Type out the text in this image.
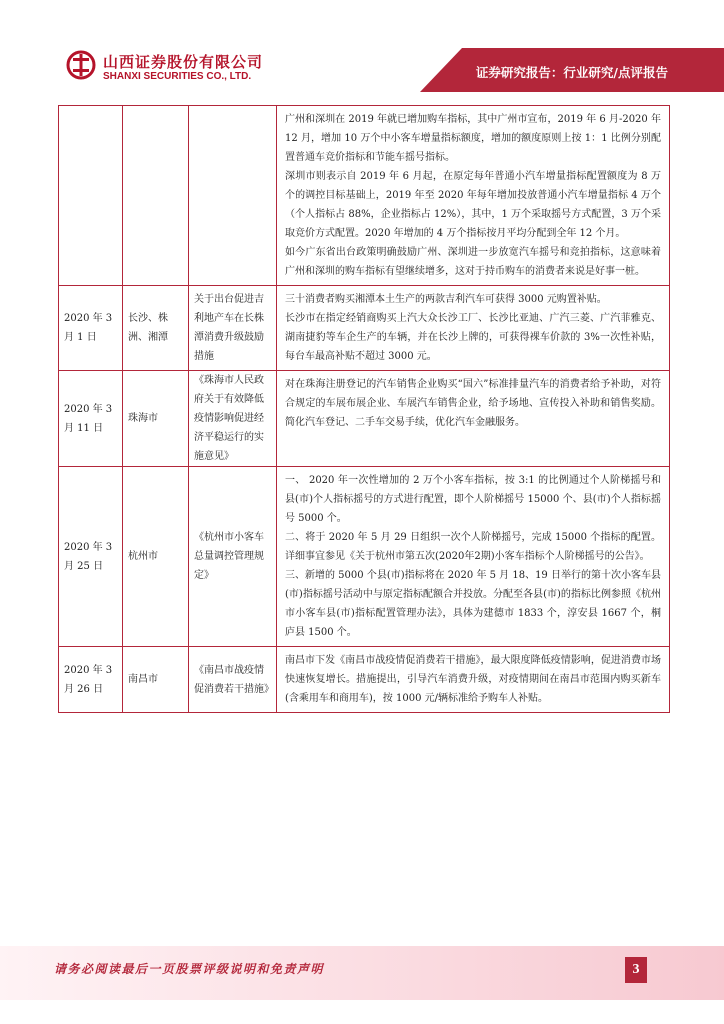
山西证券股份有限公司
SHANXI SECURITIES CO., LTD.	证券研究报告：行业研究/点评报告

			广州和深圳在 2019 年就已增加购车指标，其中广州市宣布，2019 年 6 月-2020 年 12 月，增加 10 万个中小客车增量指标额度，增加的额度原则上按 1：1 比例分别配置普通车竞价指标和节能车摇号指标。

深圳市则表示自 2019 年 6 月起，在原定每年普通小汽车增量指标配置额度为 8 万个的调控目标基础上，2019 年至 2020 年每年增加投放普通小汽车增量指标 4 万个（个人指标占 88%，企业指标占 12%），其中，1 万个采取摇号方式配置，3 万个采取竞价方式配置。2020 年增加的 4 万个指标按月平均分配到全年 12 个月。

如今广东省出台政策明确鼓励广州、深圳进一步放宽汽车摇号和竞拍指标，这意味着广州和深圳的购车指标有望继续增多，这对于持币购车的消费者来说是好事一桩。

2020 年 3 月 1 日	长沙、株洲、湘潭	关于出台促进吉利地产车在长株潭消费升级鼓励措施	三十消费者购买湘潭本土生产的两款吉利汽车可获得 3000 元购置补贴。

长沙市在指定经销商购买上汽大众长沙工厂、长沙比亚迪、广汽三菱、广汽菲雅克、湖南捷豹等车企生产的车辆，并在长沙上牌的，可获得裸车价款的 3%一次性补贴，每台车最高补贴不超过 3000 元。

2020 年 3 月 11 日	珠海市	《珠海市人民政府关于有效降低疫情影响促进经济平稳运行的实施意见》	对在珠海注册登记的汽车销售企业购买“国六”标准排量汽车的消费者给予补助，对符合规定的车展布展企业、车展汽车销售企业，给予场地、宣传投入补助和销售奖励。简化汽车登记、二手车交易手续，优化汽车金融服务。

2020 年 3 月 25 日	杭州市	《杭州市小客车总量调控管理规定》	一、 2020 年一次性增加的 2 万个小客车指标，按 3:1 的比例通过个人阶梯摇号和县(市)个人指标摇号的方式进行配置，即个人阶梯摇号 15000 个、县(市)个人指标摇号 5000 个。

二、将于 2020 年 5 月 29 日组织一次个人阶梯摇号，完成 15000 个指标的配置。详细事宜参见《关于杭州市第五次(2020年2期)小客车指标个人阶梯摇号的公告》。

三、新增的 5000 个县(市)指标将在 2020 年 5 月 18、19 日举行的第十次小客车县(市)指标摇号活动中与原定指标配额合并投放。分配至各县(市)的指标比例参照《杭州市小客车县(市)指标配置管理办法》，具体为建德市 1833 个，淳安县 1667 个，桐庐县 1500 个。

2020 年 3 月 26 日	南昌市	《南昌市战疫情促消费若干措施》	南昌市下发《南昌市战疫情促消费若干措施》，最大限度降低疫情影响，促进消费市场快速恢复增长。措施提出，引导汽车消费升级，对疫情期间在南昌市范围内购买新车(含乘用车和商用车)，按 1000 元/辆标准给予购车人补贴。

请务必阅读最后一页股票评级说明和免责声明	3
